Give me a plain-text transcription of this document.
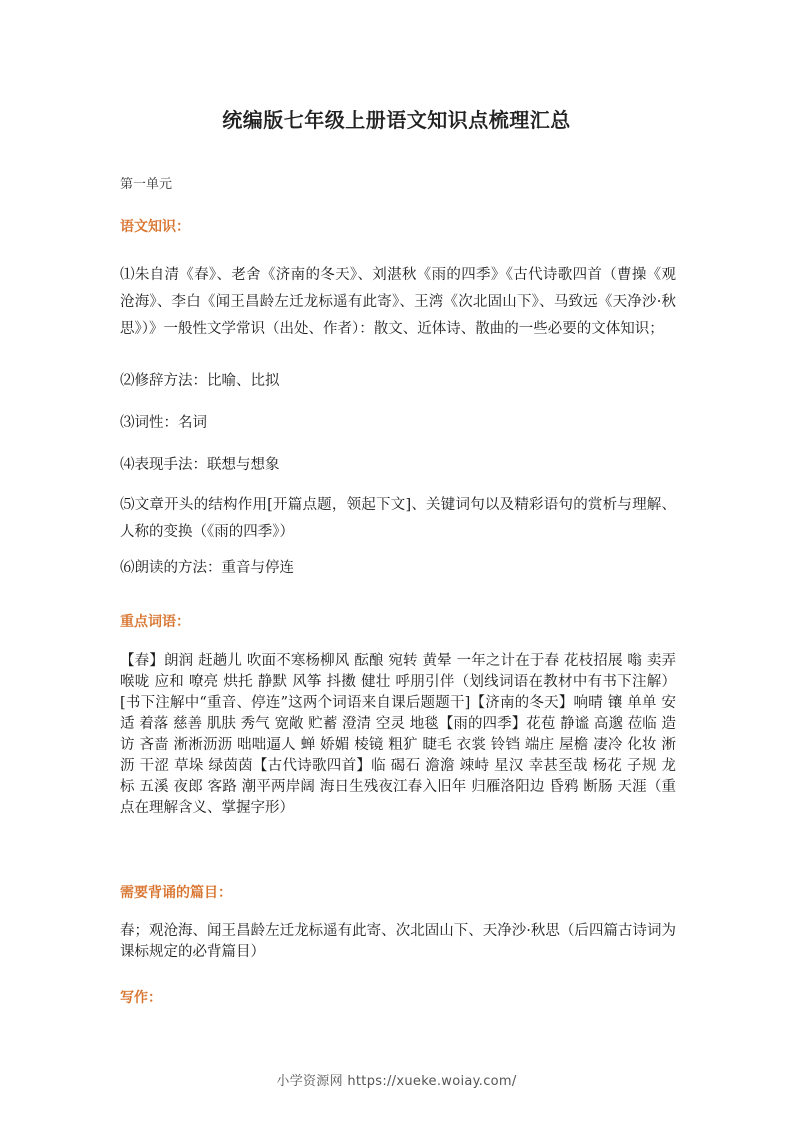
统编版七年级上册语文知识点梳理汇总
第一单元
语文知识：
⑴朱自清《春》、老舍《济南的冬天》、刘湛秋《雨的四季》《古代诗歌四首（曹操《观沧海》、李白《闻王昌龄左迁龙标遥有此寄》、王湾《次北固山下》、马致远《天净沙·秋思》）》一般性文学常识（出处、作者）：散文、近体诗、散曲的一些必要的文体知识；
⑵修辞方法：比喻、比拟
⑶词性：名词
⑷表现手法：联想与想象
⑸文章开头的结构作用[开篇点题，领起下文]、关键词句以及精彩语句的赏析与理解、人称的变换（《雨的四季》）
⑹朗读的方法：重音与停连
重点词语：
【春】朗润 赶趟儿 吹面不寒杨柳风 酝酿 宛转 黄晕 一年之计在于春 花枝招展 嗡 卖弄 喉咙 应和 嘹亮 烘托 静默 风筝 抖擞 健壮 呼朋引伴（划线词语在教材中有书下注解）[书下注解中“重音、停连”这两个词语来自课后题题干]【济南的冬天】响晴 镶 单单 安适 着落 慈善 肌肤 秀气 宽敞 贮蓄 澄清 空灵 地毯【雨的四季】花苞 静谧 高邈 莅临 造访 吝啬 淅淅沥沥 咄咄逼人 蝉 娇媚 棱镜 粗犷 睫毛 衣裳 铃铛 端庄 屋檐 凄冷 化妆 淅沥 干涩 草垛 绿茵茵【古代诗歌四首】临 碣石 澹澹 竦峙 星汉 幸甚至哉 杨花 子规 龙标 五溪 夜郎 客路 潮平两岸阔 海日生残夜江春入旧年 归雁洛阳边 昏鸦 断肠 天涯（重点在理解含义、掌握字形）
需要背诵的篇目：
春；观沧海、闻王昌龄左迁龙标遥有此寄、次北固山下、天净沙·秋思（后四篇古诗词为课标规定的必背篇目）
写作：
小学资源网 https://xueke.woiay.com/
